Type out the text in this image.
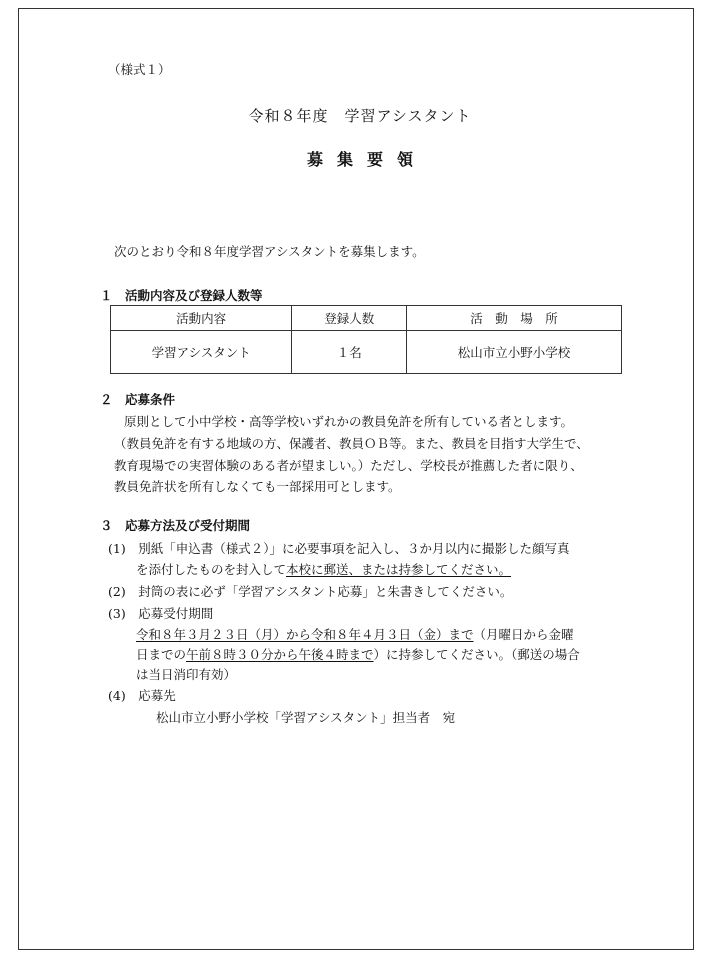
（様式１）
令和８年度　学習アシスタント
募集要領
次のとおり令和８年度学習アシスタントを募集します。
１　活動内容及び登録人数等
活動内容	登録人数	活　動　場　所
学習アシスタント	１名	松山市立小野小学校
２　応募条件
原則として小中学校・高等学校いずれかの教員免許を所有している者とします。
（教員免許を有する地域の方、保護者、教員ＯＢ等。また、教員を目指す大学生で、
教育現場での実習体験のある者が望ましい。）ただし、学校長が推薦した者に限り、
教員免許状を所有しなくても一部採用可とします。
３　応募方法及び受付期間
(1)　別紙「申込書（様式２）」に必要事項を記入し、３か月以内に撮影した顔写真
を添付したものを封入して本校に郵送、または持参してください。
(2)　封筒の表に必ず「学習アシスタント応募」と朱書きしてください。
(3)　応募受付期間
令和８年３月２３日（月）から令和８年４月３日（金）まで（月曜日から金曜
日までの午前８時３０分から午後４時まで）に持参してください。（郵送の場合
は当日消印有効）
(4)　応募先
松山市立小野小学校「学習アシスタント」担当者　宛
